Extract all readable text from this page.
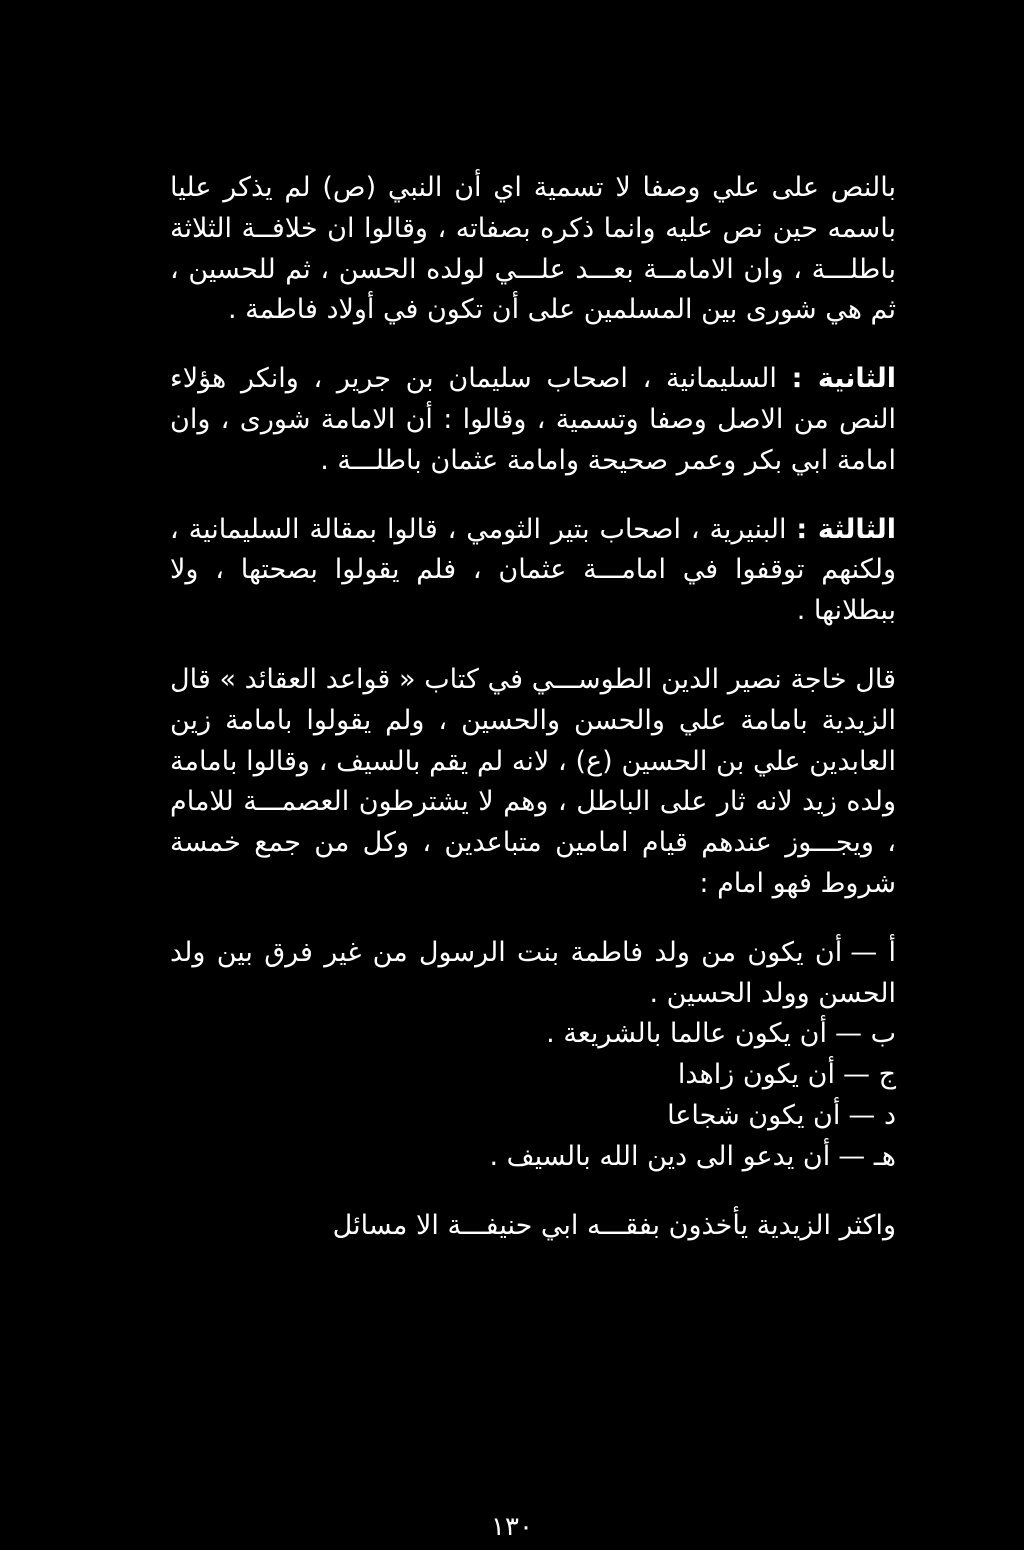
بالنص على علي وصفا لا تسمية اي أن النبي (ص) لم يذكر عليا باسمه حين نص عليه وانما ذكره بصفاته ، وقالوا ان خلافــة الثلاثة باطلـــة ، وان الامامــة بعـــد علـــي لولده الحسن ، ثم للحسين ، ثم هي شورى بين المسلمين على أن تكون في أولاد فاطمة .

الثانية : السليمانية ، اصحاب سليمان بن جرير ، وانكر هؤلاء النص من الاصل وصفا وتسمية ، وقالوا : أن الامامة شورى ، وان امامة ابي بكر وعمر صحيحة وامامة عثمان باطلـــة .

الثالثة : البنيرية ، اصحاب بتير الثومي ، قالوا بمقالة السليمانية ، ولكنهم توقفوا في امامـــة عثمان ، فلم يقولوا بصحتها ، ولا ببطلانها .

قال خاجة نصير الدين الطوســـي في كتاب « قواعد العقائد » قال الزيدية بامامة علي والحسن والحسين ، ولم يقولوا بامامة زين العابدين علي بن الحسين (ع) ، لانه لم يقم بالسيف ، وقالوا بامامة ولده زيد لانه ثار على الباطل ، وهم لا يشترطون العصمـــة للامام ، ويجـــوز عندهم قيام امامين متباعدين ، وكل من جمع خمسة شروط فهو امام :

أ —أن يكون من ولد فاطمة بنت الرسول من غير فرق بين ولد الحسن وولد الحسين .
ب —أن يكون عالما بالشريعة .
ج —أن يكون زاهدا
د —أن يكون شجاعا
هـ —أن يدعو الى دين الله بالسيف .

واكثر الزيدية يأخذون بفقـــه ابي حنيفـــة الا مسائل

١٣٠
